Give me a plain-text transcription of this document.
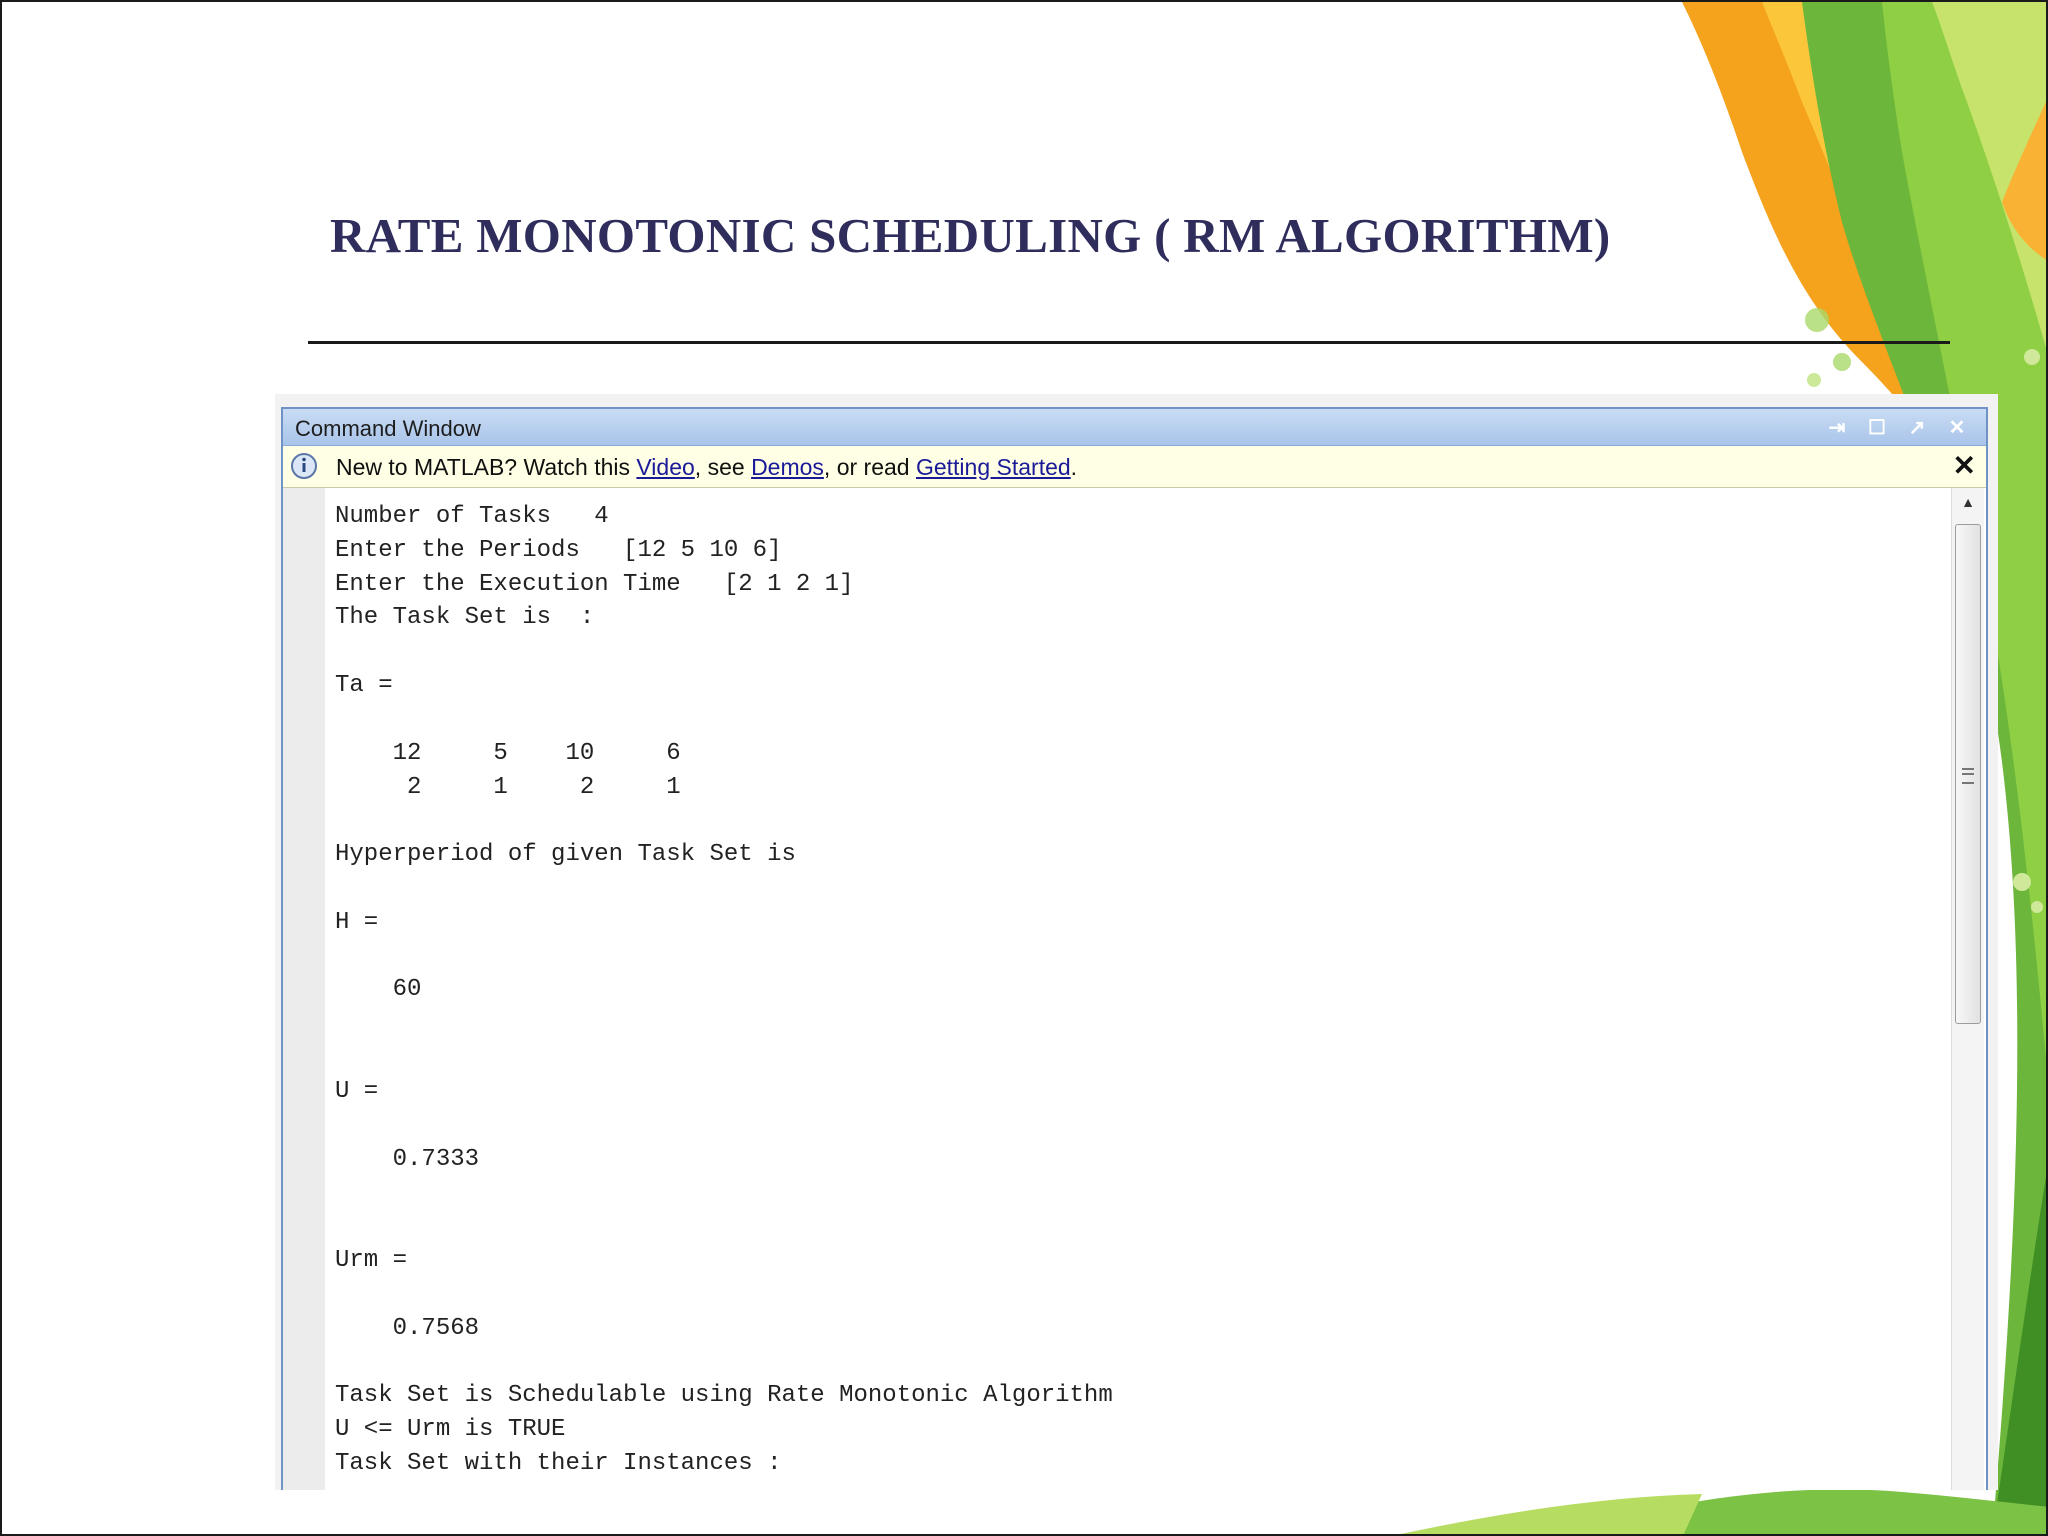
RATE MONOTONIC SCHEDULING ( RM ALGORITHM)
Command Window	⇥	☐	↗	✕
New to MATLAB? Watch this Video, see Demos, or read Getting Started.	✕
Number of Tasks   4
Enter the Periods   [12 5 10 6]
Enter the Execution Time   [2 1 2 1]
The Task Set is  :
Ta =
12     5    10     6
2     1     2     1
Hyperperiod of given Task Set is
H =
60
U =
0.7333
Urm =
0.7568
Task Set is Schedulable using Rate Monotonic Algorithm
U <= Urm is TRUE
Task Set with their Instances :
▲
